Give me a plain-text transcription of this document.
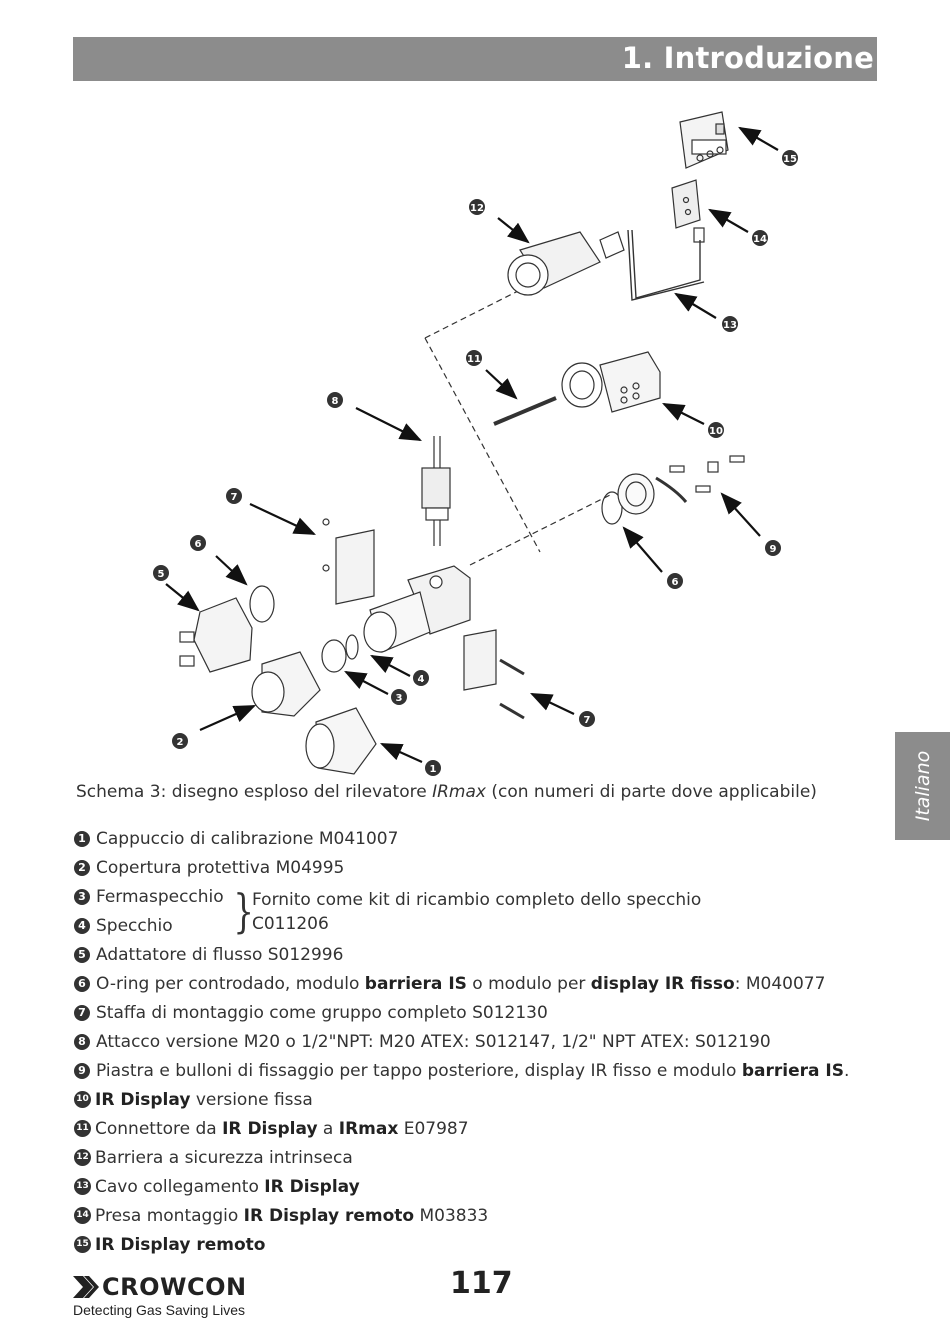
1. Introduzione
Italiano
15
14
13
12
11
10
8
9
6
7
6
5
4
3
2
7
1
Schema 3: disegno esploso del rilevatore IRmax (con numeri di parte dove applicabile)
1 Cappuccio di calibrazione M041007
2 Copertura protettiva M04995
3 Fermaspecchio
4 Specchio }
Fornito come kit di ricambio completo dello specchio
C011206
5 Adattatore di flusso S012996
6 O-ring per controdado, modulo barriera IS o modulo per display IR fisso: M040077
7 Staffa di montaggio come gruppo completo S012130
8 Attacco versione M20 o 1/2"NPT: M20 ATEX: S012147, 1/2" NPT ATEX: S012190
9 Piastra e bulloni di fissaggio per tappo posteriore, display IR fisso e modulo barriera IS.
10 IR Display versione fissa
11 Connettore da IR Display a IRmax E07987
12 Barriera a sicurezza intrinseca
13 Cavo collegamento IR Display
14 Presa montaggio IR Display remoto M03833
15 IR Display remoto
CROWCON
Detecting Gas Saving Lives
117
